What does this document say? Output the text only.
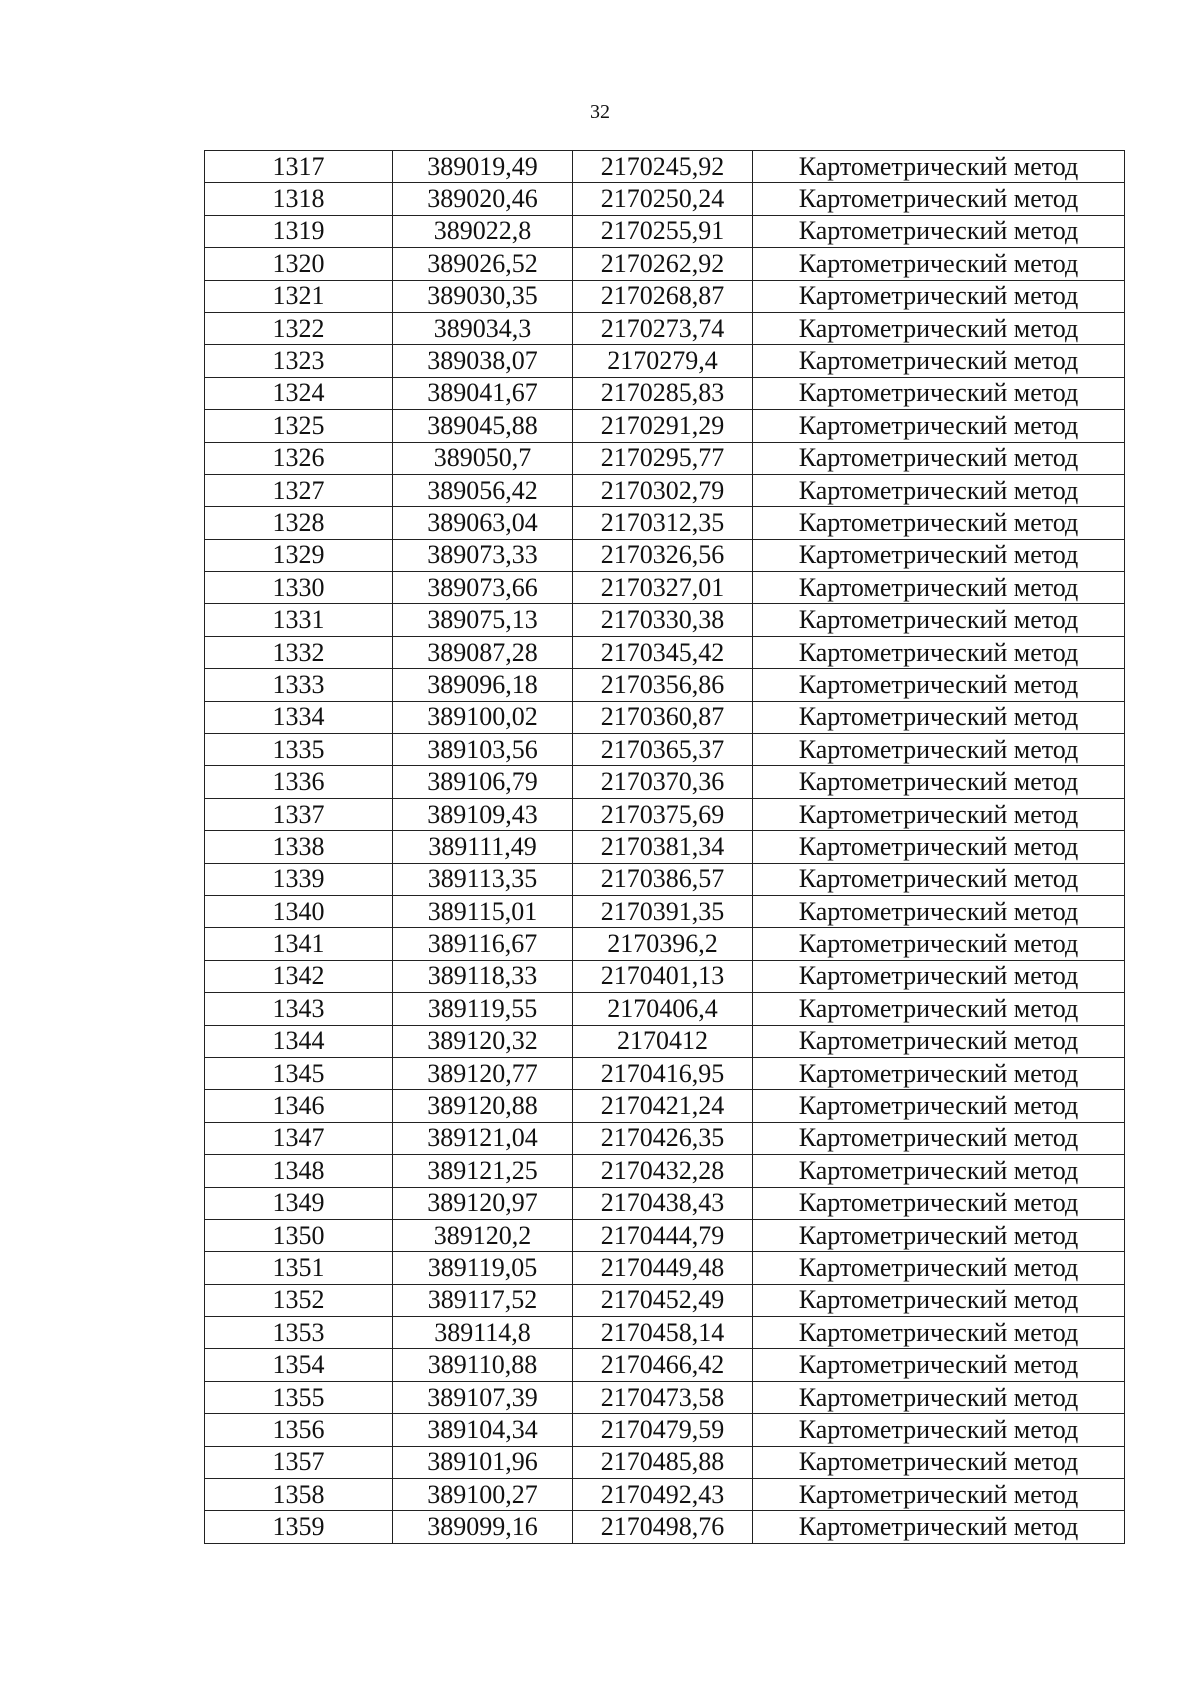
32
1317	389019,49	2170245,92	Картометрический метод
1318	389020,46	2170250,24	Картометрический метод
1319	389022,8	2170255,91	Картометрический метод
1320	389026,52	2170262,92	Картометрический метод
1321	389030,35	2170268,87	Картометрический метод
1322	389034,3	2170273,74	Картометрический метод
1323	389038,07	2170279,4	Картометрический метод
1324	389041,67	2170285,83	Картометрический метод
1325	389045,88	2170291,29	Картометрический метод
1326	389050,7	2170295,77	Картометрический метод
1327	389056,42	2170302,79	Картометрический метод
1328	389063,04	2170312,35	Картометрический метод
1329	389073,33	2170326,56	Картометрический метод
1330	389073,66	2170327,01	Картометрический метод
1331	389075,13	2170330,38	Картометрический метод
1332	389087,28	2170345,42	Картометрический метод
1333	389096,18	2170356,86	Картометрический метод
1334	389100,02	2170360,87	Картометрический метод
1335	389103,56	2170365,37	Картометрический метод
1336	389106,79	2170370,36	Картометрический метод
1337	389109,43	2170375,69	Картометрический метод
1338	389111,49	2170381,34	Картометрический метод
1339	389113,35	2170386,57	Картометрический метод
1340	389115,01	2170391,35	Картометрический метод
1341	389116,67	2170396,2	Картометрический метод
1342	389118,33	2170401,13	Картометрический метод
1343	389119,55	2170406,4	Картометрический метод
1344	389120,32	2170412	Картометрический метод
1345	389120,77	2170416,95	Картометрический метод
1346	389120,88	2170421,24	Картометрический метод
1347	389121,04	2170426,35	Картометрический метод
1348	389121,25	2170432,28	Картометрический метод
1349	389120,97	2170438,43	Картометрический метод
1350	389120,2	2170444,79	Картометрический метод
1351	389119,05	2170449,48	Картометрический метод
1352	389117,52	2170452,49	Картометрический метод
1353	389114,8	2170458,14	Картометрический метод
1354	389110,88	2170466,42	Картометрический метод
1355	389107,39	2170473,58	Картометрический метод
1356	389104,34	2170479,59	Картометрический метод
1357	389101,96	2170485,88	Картометрический метод
1358	389100,27	2170492,43	Картометрический метод
1359	389099,16	2170498,76	Картометрический метод
